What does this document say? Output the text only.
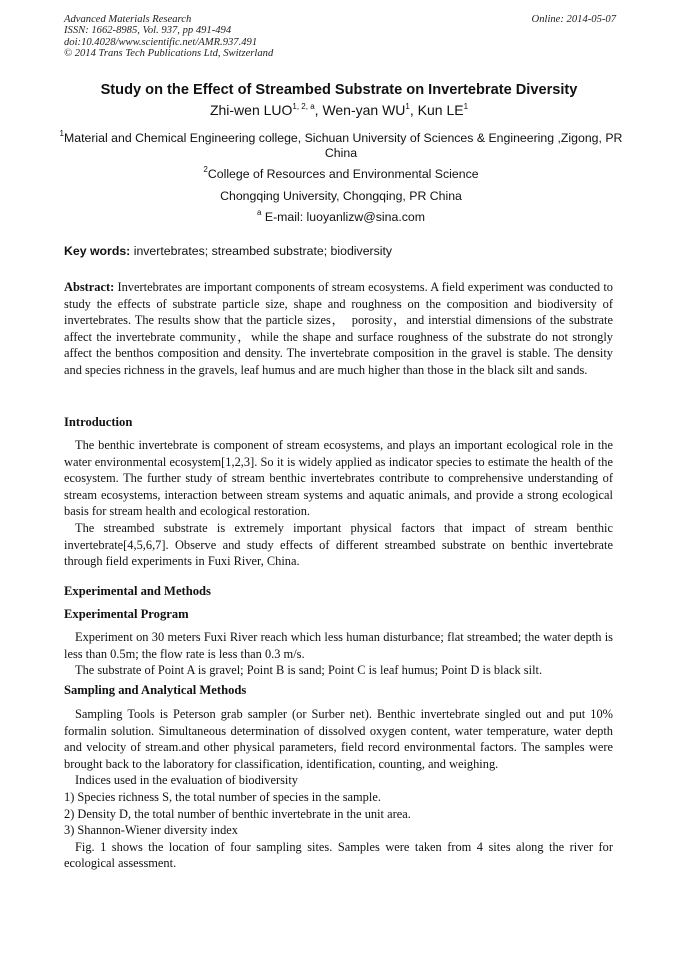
Advanced Materials Research
ISSN: 1662-8985, Vol. 937, pp 491-494
doi:10.4028/www.scientific.net/AMR.937.491
© 2014 Trans Tech Publications Ltd, Switzerland
Online: 2014-05-07
Study on the Effect of Streambed Substrate on Invertebrate Diversity
Zhi-wen LUO$^{1, 2, a}$, Wen-yan $WU^1$, Kun $LE^1$
$^1$Material and Chemical Engineering college, Sichuan University of Sciences & Engineering ,Zigong, PR China
$^2$College of Resources and Environmental Science
Chongqing University, Chongqing, PR China
$^a$ E-mail: luoyanlizw@sina.com
Key words: invertebrates; streambed substrate; biodiversity

Abstract: Invertebrates are important components of stream ecosystems. A field experiment was conducted to study the effects of substrate particle size, shape and roughness on the composition and biodiversity of invertebrates. The results show that the particle sizes，　porosity，and interstial dimensions of the substrate affect the invertebrate community，while the shape and surface roughness of the substrate do not strongly affect the benthos composition and density. The invertebrate composition in the gravel is stable. The density and species richness in the gravels, leaf humus and are much higher than those in the black silt and sands.

Introduction

The benthic invertebrate is component of stream ecosystems, and plays an important ecological role in the water environmental ecosystem[1,2,3]. So it is widely applied as indicator species to estimate the health of the ecosystem. The further study of stream benthic invertebrates contribute to comprehensive understanding of stream ecosystems, interaction between stream systems and aquatic animals, and provide a strong ecological basis for stream health and ecological restoration.

The streambed substrate is extremely important physical factors that impact of stream benthic invertebrate[4,5,6,7]. Observe and study effects of different streambed substrate on benthic invertebrate through field experiments in Fuxi River, China.

Experimental and Methods
Experimental Program

Experiment on 30 meters Fuxi River reach which less human disturbance; flat streambed; the water depth is less than 0.5m; the flow rate is less than 0.3 m/s.

The substrate of Point A is gravel; Point B is sand; Point C is leaf humus; Point D is black silt.

Sampling and Analytical Methods

Sampling Tools is Peterson grab sampler (or Surber net). Benthic invertebrate singled out and put 10% formalin solution. Simultaneous determination of dissolved oxygen content, water temperature, water depth and velocity of stream.and other physical parameters, field record environmental factors. The samples were brought back to the laboratory for classification, identification, counting, and weighing.

Indices used in the evaluation of biodiversity

1) Species richness S, the total number of species in the sample.

2) Density D, the total number of benthic invertebrate in the unit area.

3) Shannon-Wiener diversity index

Fig. 1 shows the location of four sampling sites. Samples were taken from 4 sites along the river for ecological assessment.
